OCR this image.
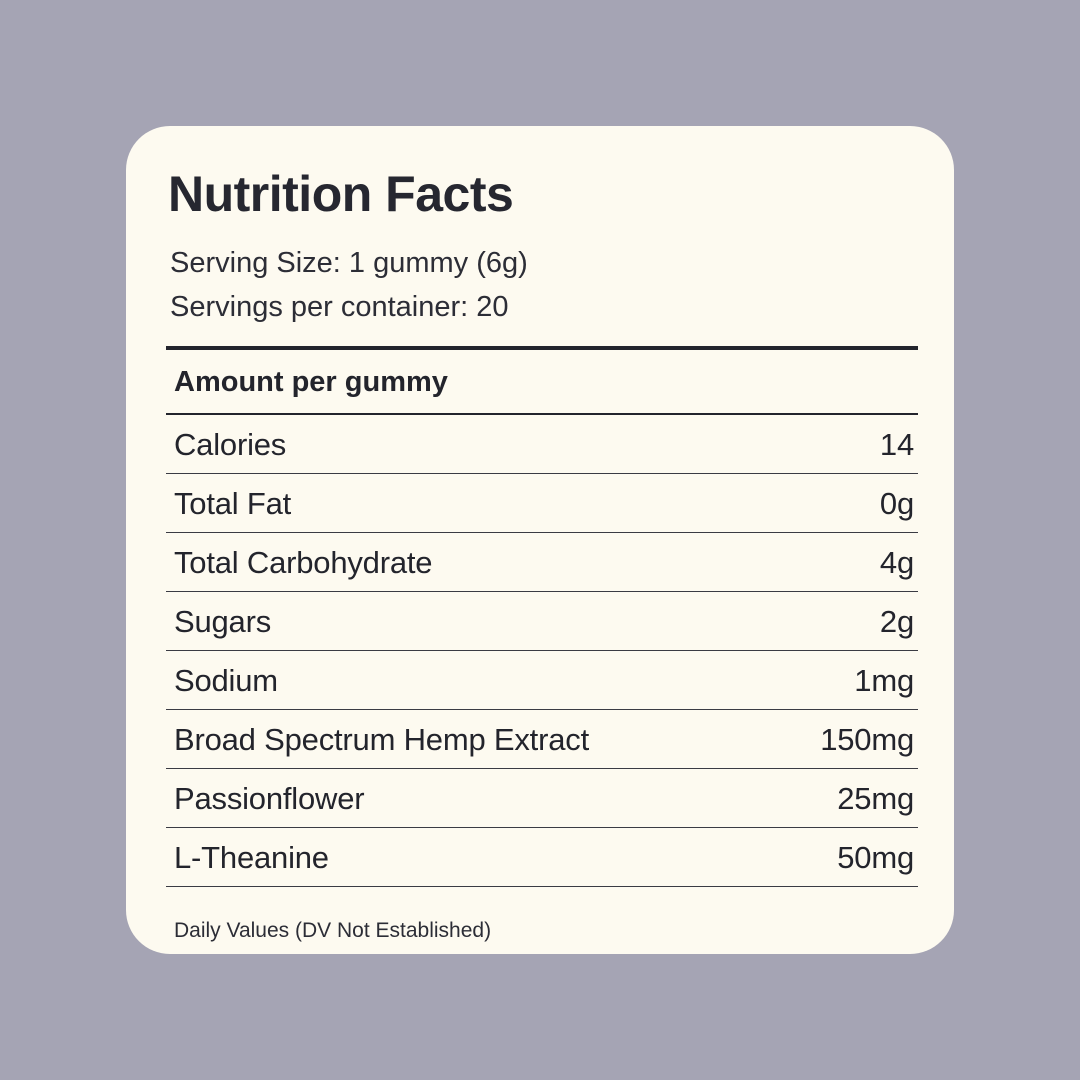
Nutrition Facts
Serving Size: 1 gummy (6g)
Servings per container: 20
Amount per gummy
Calories	14
Total Fat	0g
Total Carbohydrate	4g
Sugars	2g
Sodium	1mg
Broad Spectrum Hemp Extract	150mg
Passionflower	25mg
L-Theanine	50mg
Daily Values (DV Not Established)
